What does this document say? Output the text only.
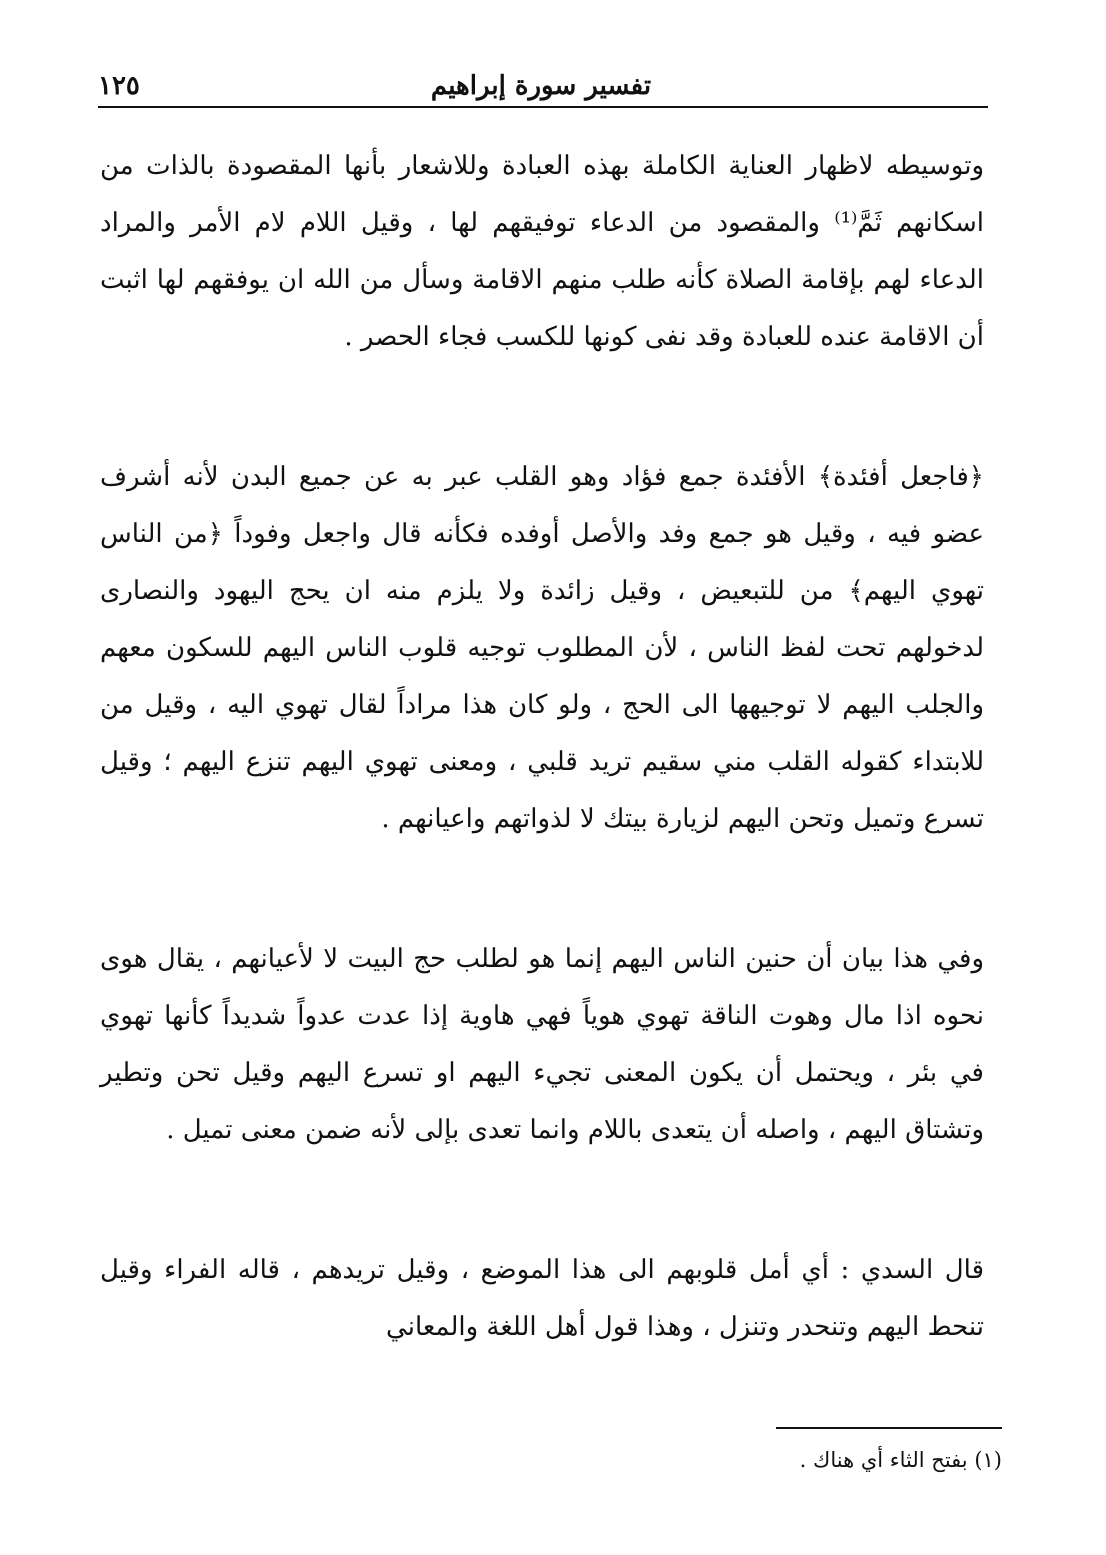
تفسير سورة إبراهيم
١٢٥

وتوسيطه لاظهار العناية الكاملة بهذه العبادة وللاشعار بأنها المقصودة بالذات من اسكانهم ثَمَّ⁽¹⁾ والمقصود من الدعاء توفيقهم لها ، وقيل اللام لام الأمر والمراد الدعاء لهم بإقامة الصلاة كأنه طلب منهم الاقامة وسأل من الله ان يوفقهم لها اثبت أن الاقامة عنده للعبادة وقد نفى كونها للكسب فجاء الحصر .

﴿فاجعل أفئدة﴾ الأفئدة جمع فؤاد وهو القلب عبر به عن جميع البدن لأنه أشرف عضو فيه ، وقيل هو جمع وفد والأصل أوفده فكأنه قال واجعل وفوداً ﴿من الناس تهوي اليهم﴾ من للتبعيض ، وقيل زائدة ولا يلزم منه ان يحج اليهود والنصارى لدخولهم تحت لفظ الناس ، لأن المطلوب توجيه قلوب الناس اليهم للسكون معهم والجلب اليهم لا توجيهها الى الحج ، ولو كان هذا مراداً لقال تهوي اليه ، وقيل من للابتداء كقوله القلب مني سقيم تريد قلبي ، ومعنى تهوي اليهم تنزع اليهم ؛ وقيل تسرع وتميل وتحن اليهم لزيارة بيتك لا لذواتهم واعيانهم .

وفي هذا بيان أن حنين الناس اليهم إنما هو لطلب حج البيت لا لأعيانهم ، يقال هوى نحوه اذا مال وهوت الناقة تهوي هوياً فهي هاوية إذا عدت عدواً شديداً كأنها تهوي في بئر ، ويحتمل أن يكون المعنى تجيء اليهم او تسرع اليهم وقيل تحن وتطير وتشتاق اليهم ، واصله أن يتعدى باللام وانما تعدى بإلى لأنه ضمن معنى تميل .

قال السدي : أي أمل قلوبهم الى هذا الموضع ، وقيل تريدهم ، قاله الفراء وقيل تنحط اليهم وتنحدر وتنزل ، وهذا قول أهل اللغة والمعاني

(١) بفتح الثاء أي هناك .
